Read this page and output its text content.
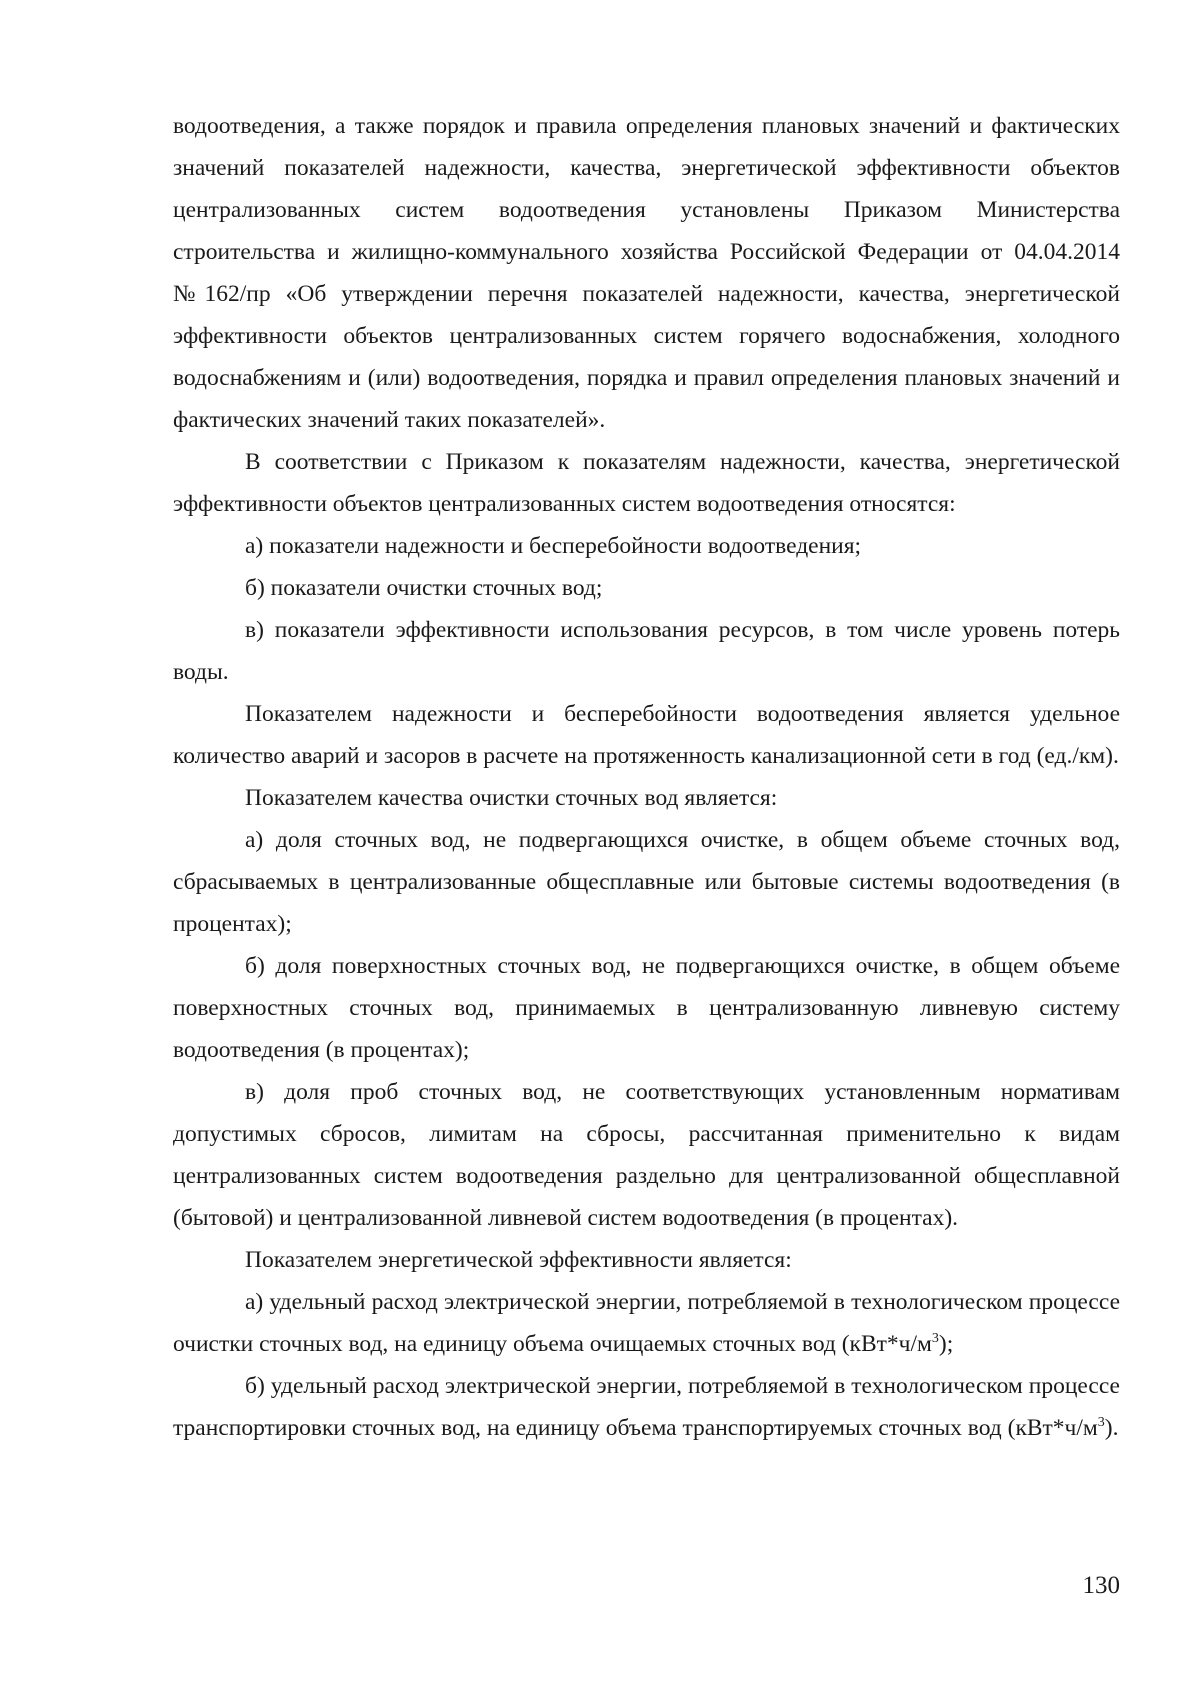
водоотведения, а также порядок и правила определения плановых значений и фактических значений показателей надежности, качества, энергетической эффективности объектов централизованных систем водоотведения установлены Приказом Министерства строительства и жилищно-коммунального хозяйства Российской Федерации от 04.04.2014 №162/пр «Об утверждении перечня показателей надежности, качества, энергетической эффективности объектов централизованных систем горячего водоснабжения, холодного водоснабжениям и (или) водоотведения, порядка и правил определения плановых значений и фактических значений таких показателей».

В соответствии с Приказом к показателям надежности, качества, энергетической эффективности объектов централизованных систем водоотведения относятся:

а) показатели надежности и бесперебойности водоотведения;

б) показатели очистки сточных вод;

в) показатели эффективности использования ресурсов, в том числе уровень потерь воды.

Показателем надежности и бесперебойности водоотведения является удельное количество аварий и засоров в расчете на протяженность канализационной сети в год (ед./км).

Показателем качества очистки сточных вод является:

а) доля сточных вод, не подвергающихся очистке, в общем объеме сточных вод, сбрасываемых в централизованные общесплавные или бытовые системы водоотведения (в процентах);

б) доля поверхностных сточных вод, не подвергающихся очистке, в общем объеме поверхностных сточных вод, принимаемых в централизованную ливневую систему водоотведения (в процентах);

в) доля проб сточных вод, не соответствующих установленным нормативам допустимых сбросов, лимитам на сбросы, рассчитанная применительно к видам централизованных систем водоотведения раздельно для централизованной общесплавной (бытовой) и централизованной ливневой систем водоотведения (в процентах).

Показателем энергетической эффективности является:

а) удельный расход электрической энергии, потребляемой в технологическом процессе очистки сточных вод, на единицу объема очищаемых сточных вод $(кВт*ч/м^3)$;

б) удельный расход электрической энергии, потребляемой в технологическом процессе транспортировки сточных вод, на единицу объема транспортируемых сточных вод $(кВт*ч/м^3)$.

130
